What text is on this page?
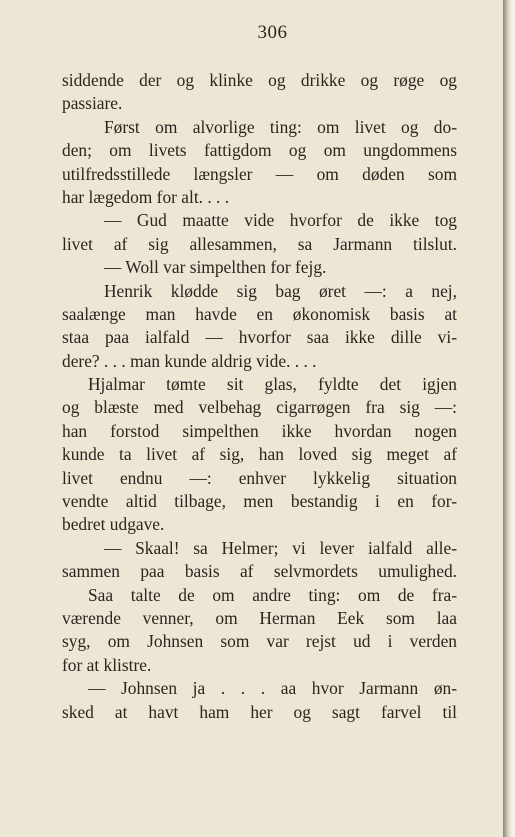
306
siddende der og klinke og drikke og røge og
passiare.
Først om alvorlige ting: om livet og do-
den; om livets fattigdom og om ungdommens
utilfredsstillede længsler — om døden som
har lægedom for alt. . . .
— Gud maatte vide hvorfor de ikke tog
livet af sig allesammen, sa Jarmann tilslut.
— Woll var simpelthen for fejg.
Henrik klødde sig bag øret —: a nej,
saalænge man havde en økonomisk basis at
staa paa ialfald — hvorfor saa ikke dille vi-
dere? . . . man kunde aldrig vide. . . .
Hjalmar tømte sit glas, fyldte det igjen
og blæste med velbehag cigarrøgen fra sig —:
han forstod simpelthen ikke hvordan nogen
kunde ta livet af sig, han loved sig meget af
livet endnu —: enhver lykkelig situation
vendte altid tilbage, men bestandig i en for-
bedret udgave.
— Skaal! sa Helmer; vi lever ialfald alle-
sammen paa basis af selvmordets umulighed.
Saa talte de om andre ting: om de fra-
værende venner, om Herman Eek som laa
syg, om Johnsen som var rejst ud i verden
for at klistre.
— Johnsen ja . . . aa hvor Jarmann øn-
sked at havt ham her og sagt farvel til
